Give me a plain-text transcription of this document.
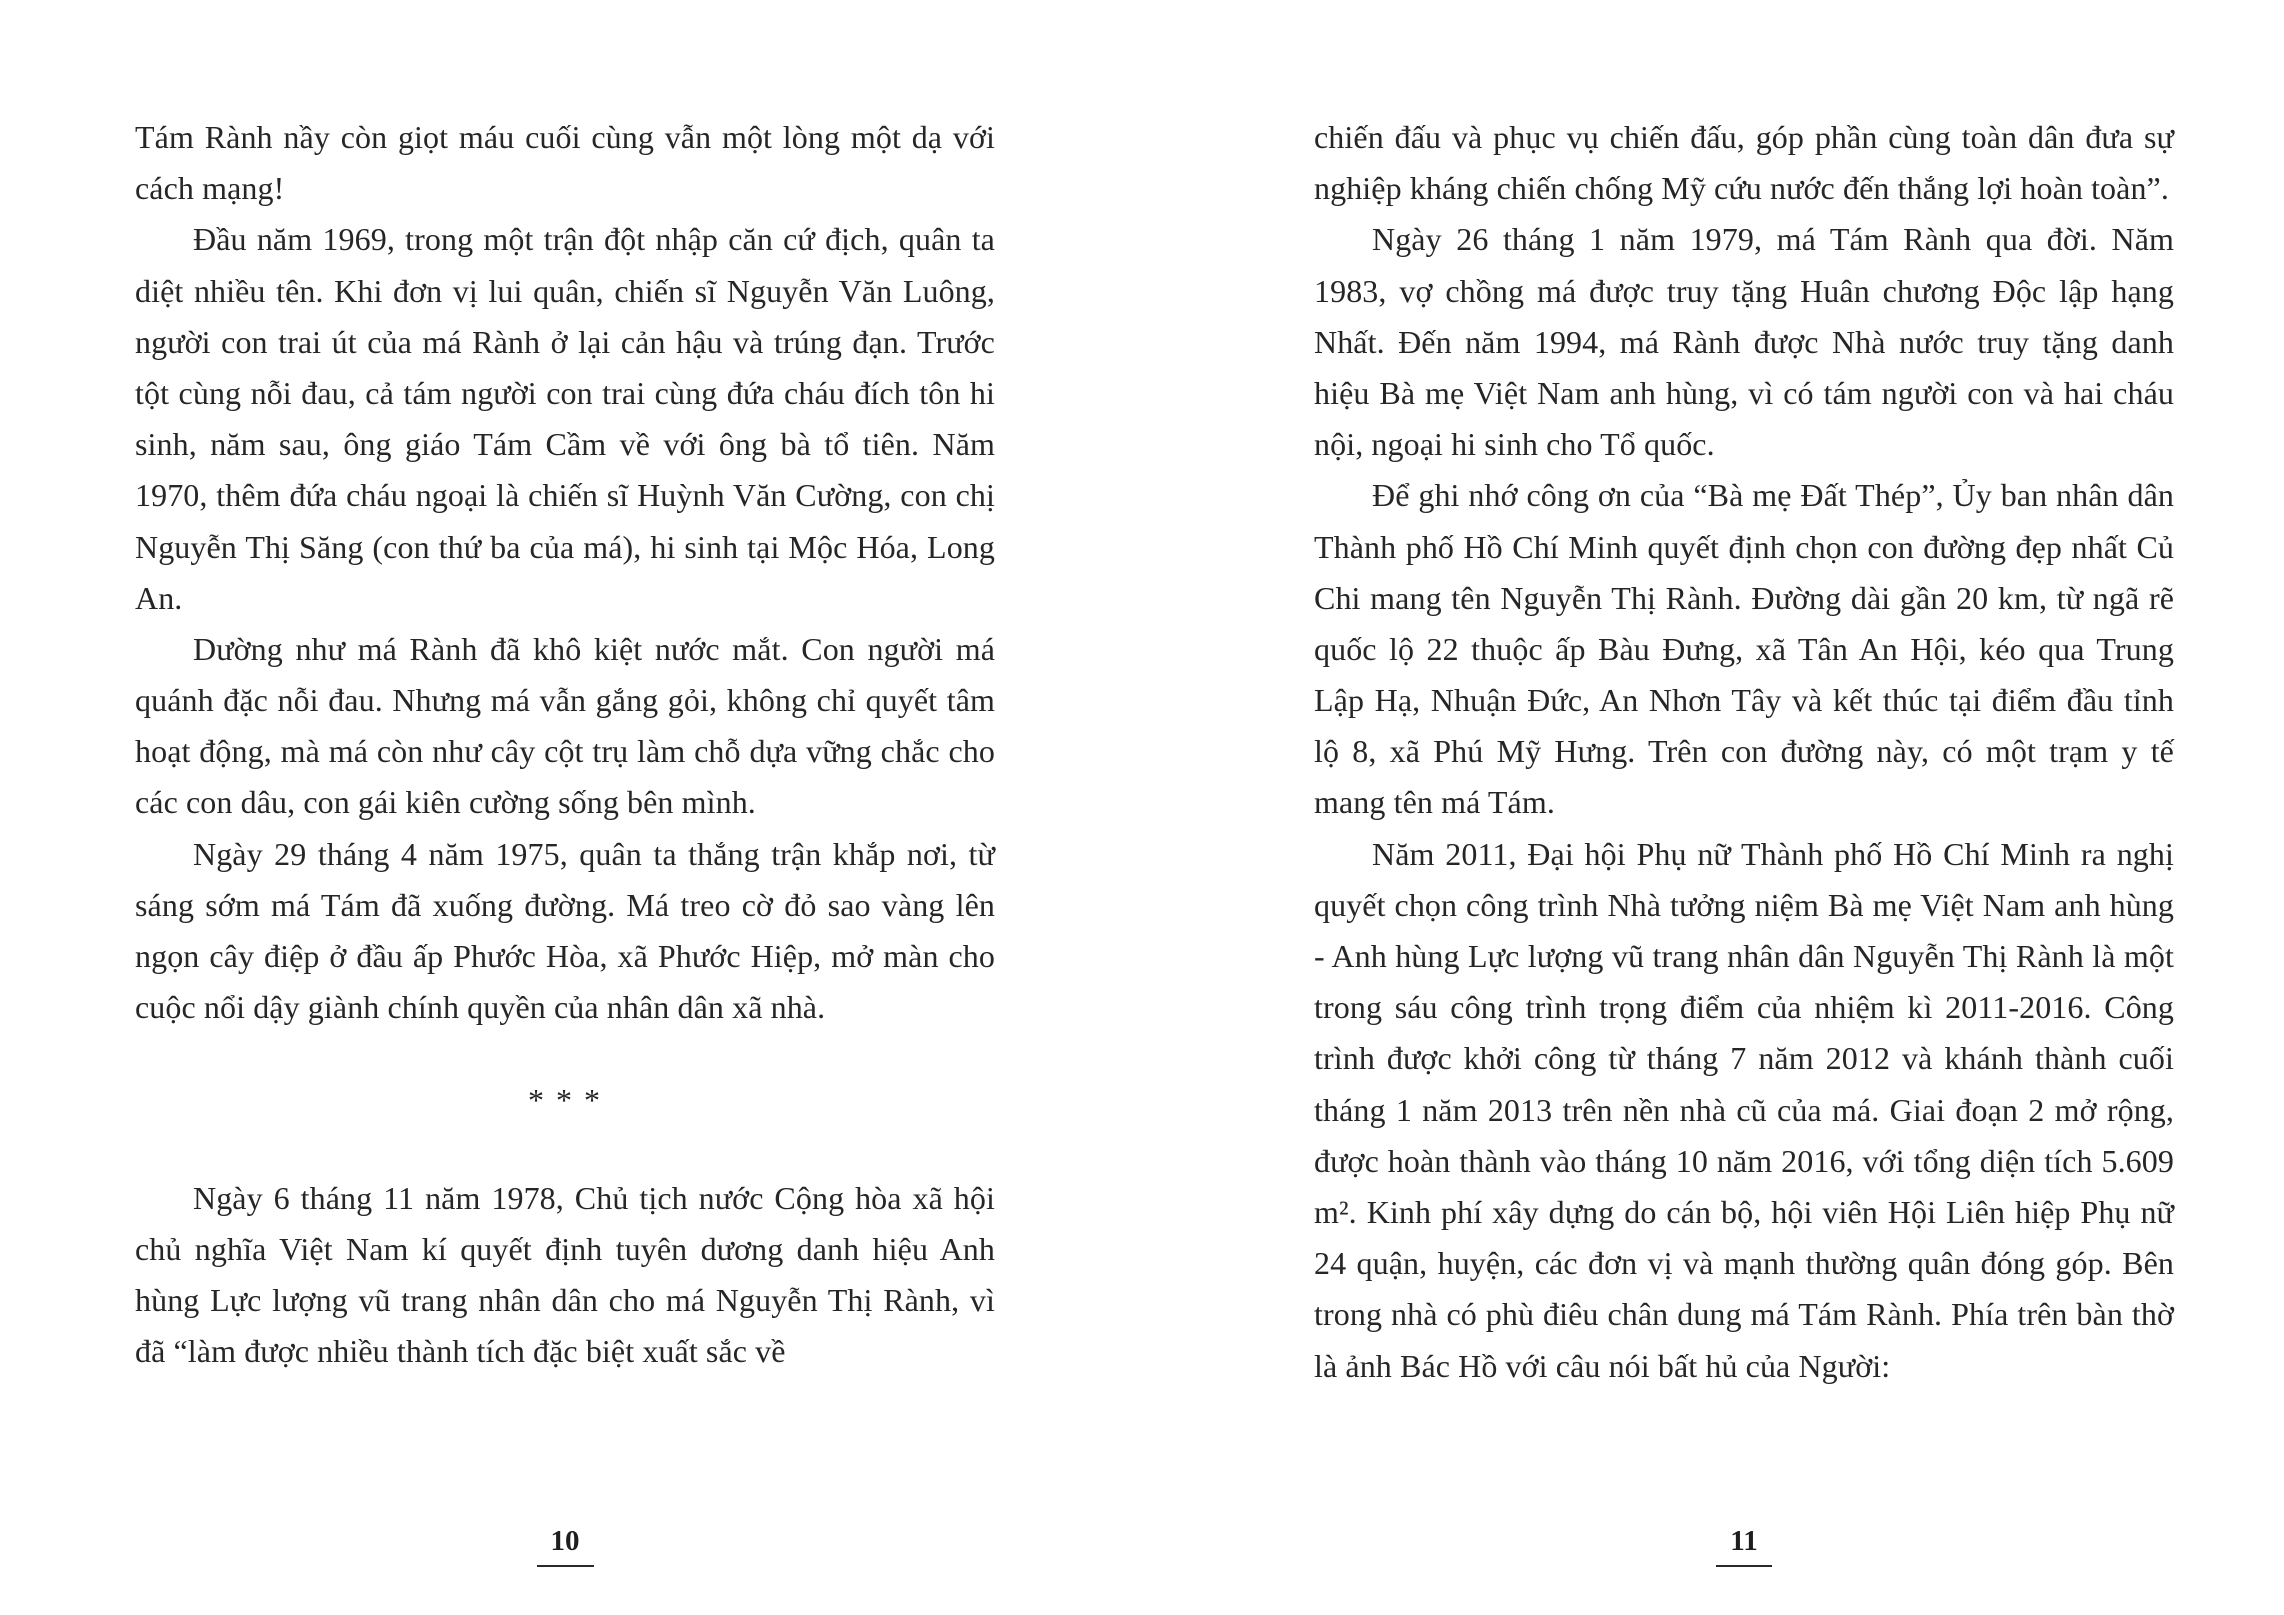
Tám Rành nầy còn giọt máu cuối cùng vẫn một lòng một dạ với cách mạng!

Đầu năm 1969, trong một trận đột nhập căn cứ địch, quân ta diệt nhiều tên. Khi đơn vị lui quân, chiến sĩ Nguyễn Văn Luông, người con trai út của má Rành ở lại cản hậu và trúng đạn. Trước tột cùng nỗi đau, cả tám người con trai cùng đứa cháu đích tôn hi sinh, năm sau, ông giáo Tám Cầm về với ông bà tổ tiên. Năm 1970, thêm đứa cháu ngoại là chiến sĩ Huỳnh Văn Cường, con chị Nguyễn Thị Săng (con thứ ba của má), hi sinh tại Mộc Hóa, Long An.

Dường như má Rành đã khô kiệt nước mắt. Con người má quánh đặc nỗi đau. Nhưng má vẫn gắng gỏi, không chỉ quyết tâm hoạt động, mà má còn như cây cột trụ làm chỗ dựa vững chắc cho các con dâu, con gái kiên cường sống bên mình.

Ngày 29 tháng 4 năm 1975, quân ta thắng trận khắp nơi, từ sáng sớm má Tám đã xuống đường. Má treo cờ đỏ sao vàng lên ngọn cây điệp ở đầu ấp Phước Hòa, xã Phước Hiệp, mở màn cho cuộc nổi dậy giành chính quyền của nhân dân xã nhà.

* * *

Ngày 6 tháng 11 năm 1978, Chủ tịch nước Cộng hòa xã hội chủ nghĩa Việt Nam kí quyết định tuyên dương danh hiệu Anh hùng Lực lượng vũ trang nhân dân cho má Nguyễn Thị Rành, vì đã “làm được nhiều thành tích đặc biệt xuất sắc về

10

chiến đấu và phục vụ chiến đấu, góp phần cùng toàn dân đưa sự nghiệp kháng chiến chống Mỹ cứu nước đến thắng lợi hoàn toàn”.

Ngày 26 tháng 1 năm 1979, má Tám Rành qua đời. Năm 1983, vợ chồng má được truy tặng Huân chương Độc lập hạng Nhất. Đến năm 1994, má Rành được Nhà nước truy tặng danh hiệu Bà mẹ Việt Nam anh hùng, vì có tám người con và hai cháu nội, ngoại hi sinh cho Tổ quốc.

Để ghi nhớ công ơn của “Bà mẹ Đất Thép”, Ủy ban nhân dân Thành phố Hồ Chí Minh quyết định chọn con đường đẹp nhất Củ Chi mang tên Nguyễn Thị Rành. Đường dài gần 20 km, từ ngã rẽ quốc lộ 22 thuộc ấp Bàu Đưng, xã Tân An Hội, kéo qua Trung Lập Hạ, Nhuận Đức, An Nhơn Tây và kết thúc tại điểm đầu tỉnh lộ 8, xã Phú Mỹ Hưng. Trên con đường này, có một trạm y tế mang tên má Tám.

Năm 2011, Đại hội Phụ nữ Thành phố Hồ Chí Minh ra nghị quyết chọn công trình Nhà tưởng niệm Bà mẹ Việt Nam anh hùng - Anh hùng Lực lượng vũ trang nhân dân Nguyễn Thị Rành là một trong sáu công trình trọng điểm của nhiệm kì 2011-2016. Công trình được khởi công từ tháng 7 năm 2012 và khánh thành cuối tháng 1 năm 2013 trên nền nhà cũ của má. Giai đoạn 2 mở rộng, được hoàn thành vào tháng 10 năm 2016, với tổng diện tích 5.609 m². Kinh phí xây dựng do cán bộ, hội viên Hội Liên hiệp Phụ nữ 24 quận, huyện, các đơn vị và mạnh thường quân đóng góp. Bên trong nhà có phù điêu chân dung má Tám Rành. Phía trên bàn thờ là ảnh Bác Hồ với câu nói bất hủ của Người:

11
